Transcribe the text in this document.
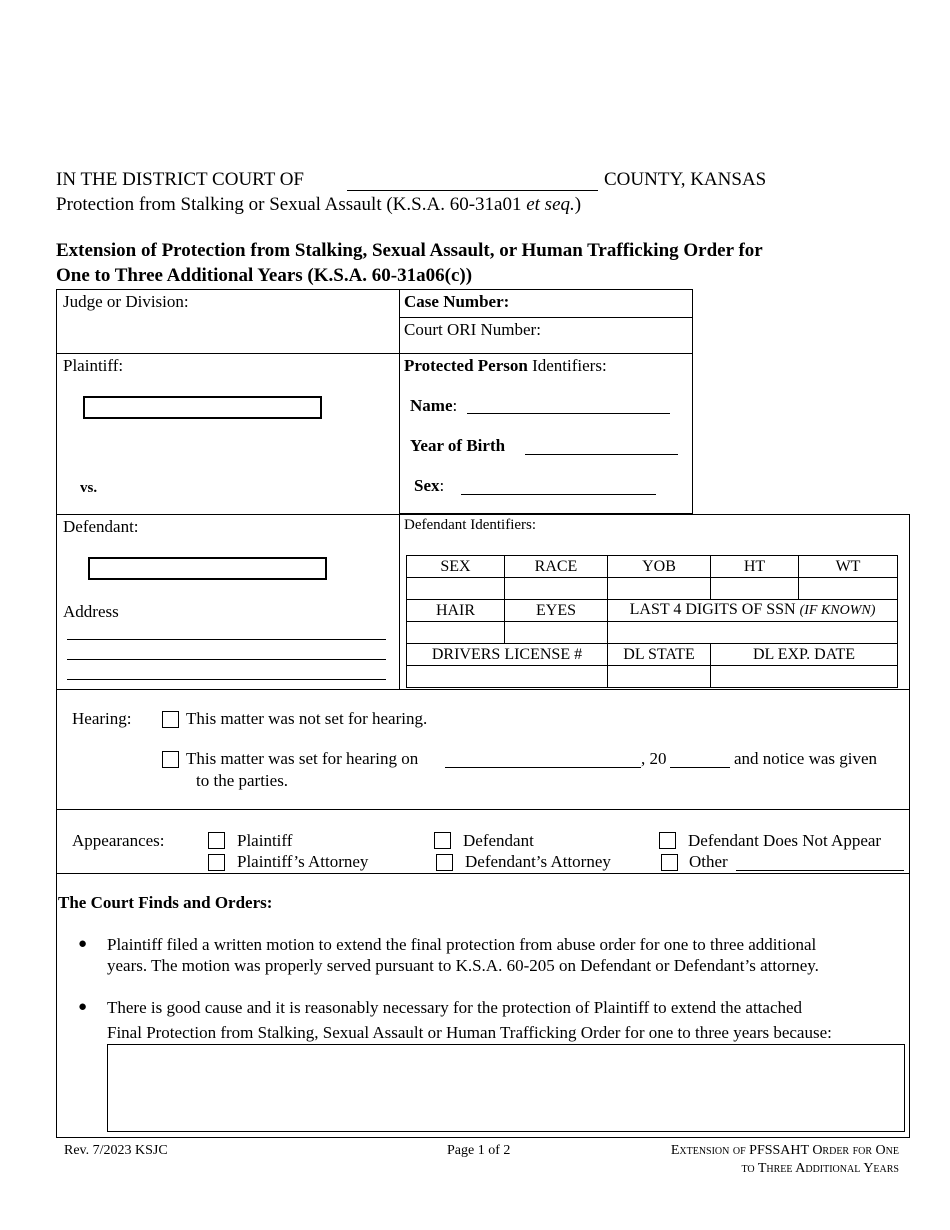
IN THE DISTRICT COURT OF	COUNTY, KANSAS
Protection from Stalking or Sexual Assault (K.S.A. 60-31a01 et seq.)
Extension of Protection from Stalking, Sexual Assault, or Human Trafficking Order for
One to Three Additional Years (K.S.A. 60-31a06(c))
Judge or Division:	Case Number:
Court ORI Number:
Plaintiff:
vs.
Protected Person Identifiers:
Name:
Year of Birth
Sex:
Defendant:
Address
Defendant Identifiers:
SEX	RACE	YOB	HT	WT

HAIR	EYES	LAST 4 DIGITS OF SSN (IF KNOWN)		

DRIVERS LICENSE #		DL STATE	DL EXP. DATE	

Hearing:	This matter was not set for hearing.
This matter was set for hearing on	, 20	and notice was given
to the parties.
Appearances:	Plaintiff	Defendant	Defendant Does Not Appear
Plaintiff’s Attorney	Defendant’s Attorney	Other
The Court Finds and Orders:
● Plaintiff filed a written motion to extend the final protection from abuse order for one to three additional
years. The motion was properly served pursuant to K.S.A. 60-205 on Defendant or Defendant’s attorney.
● There is good cause and it is reasonably necessary for the protection of Plaintiff to extend the attached
Final Protection from Stalking, Sexual Assault or Human Trafficking Order for one to three years because:
Rev. 7/2023 KSJC	Page 1 of 2	Extension of PFSSAHT Order for One
to Three Additional Years
